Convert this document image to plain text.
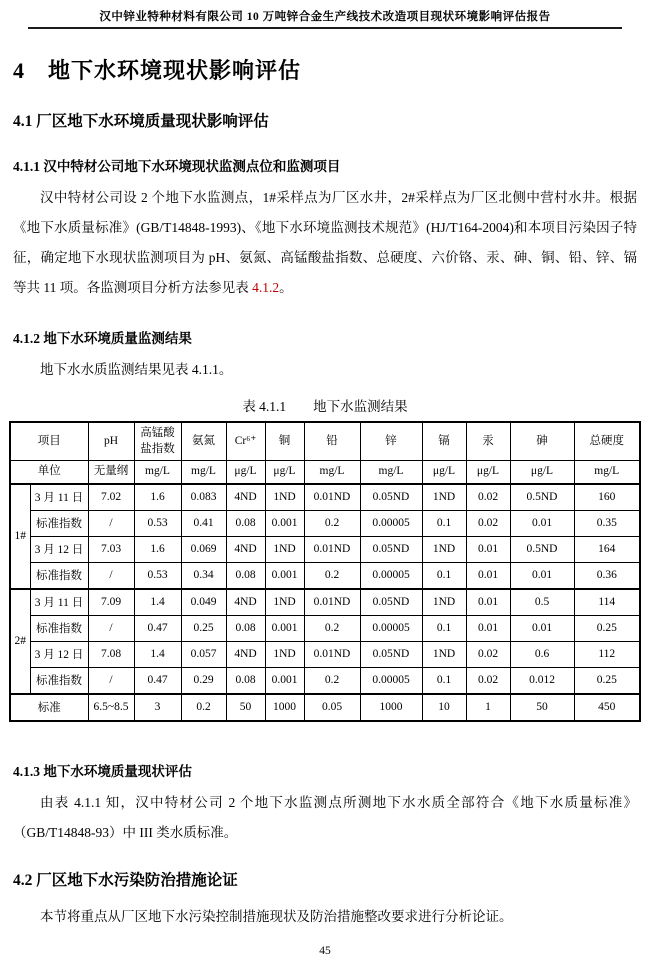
汉中锌业特种材料有限公司 10 万吨锌合金生产线技术改造项目现状环境影响评估报告
4　地下水环境现状影响评估
4.1 厂区地下水环境质量现状影响评估
4.1.1 汉中特材公司地下水环境现状监测点位和监测项目

汉中特材公司设 2 个地下水监测点，1#采样点为厂区水井，2#采样点为厂区北侧中营村水井。根据《地下水质量标准》(GB/T14848-1993)、《地下水环境监测技术规范》(HJ/T164-2004)和本项目污染因子特征，确定地下水现状监测项目为 pH、氨氮、高锰酸盐指数、总硬度、六价铬、汞、砷、铜、铅、锌、镉等共 11 项。各监测项目分析方法参见表 4.1.2。

4.1.2 地下水环境质量监测结果

地下水水质监测结果见表 4.1.1。

表 4.1.1　　地下水监测结果
项目		pH	高锰酸盐指数	氨氮	Cr⁶⁺	铜	铅	锌	镉	汞	砷	总硬度
单位		无量纲	mg/L	mg/L	μg/L	μg/L	mg/L	mg/L	μg/L	μg/L	μg/L	mg/L
1#	3 月 11 日	7.02	1.6	0.083	4ND	1ND	0.01ND	0.05ND	1ND	0.02	0.5ND	160
	标准指数	/	0.53	0.41	0.08	0.001	0.2	0.00005	0.1	0.02	0.01	0.35
	3 月 12 日	7.03	1.6	0.069	4ND	1ND	0.01ND	0.05ND	1ND	0.01	0.5ND	164
	标准指数	/	0.53	0.34	0.08	0.001	0.2	0.00005	0.1	0.01	0.01	0.36
2#	3 月 11 日	7.09	1.4	0.049	4ND	1ND	0.01ND	0.05ND	1ND	0.01	0.5	114
	标准指数	/	0.47	0.25	0.08	0.001	0.2	0.00005	0.1	0.01	0.01	0.25
	3 月 12 日	7.08	1.4	0.057	4ND	1ND	0.01ND	0.05ND	1ND	0.02	0.6	112
	标准指数	/	0.47	0.29	0.08	0.001	0.2	0.00005	0.1	0.02	0.012	0.25
标准		6.5~8.5	3	0.2	50	1000	0.05	1000	10	1	50	450
4.1.3 地下水环境质量现状评估

由表 4.1.1 知，汉中特材公司 2 个地下水监测点所测地下水水质全部符合《地下水质量标准》（GB/T14848-93）中 III 类水质标准。

4.2 厂区地下水污染防治措施论证

本节将重点从厂区地下水污染控制措施现状及防治措施整改要求进行分析论证。

45
